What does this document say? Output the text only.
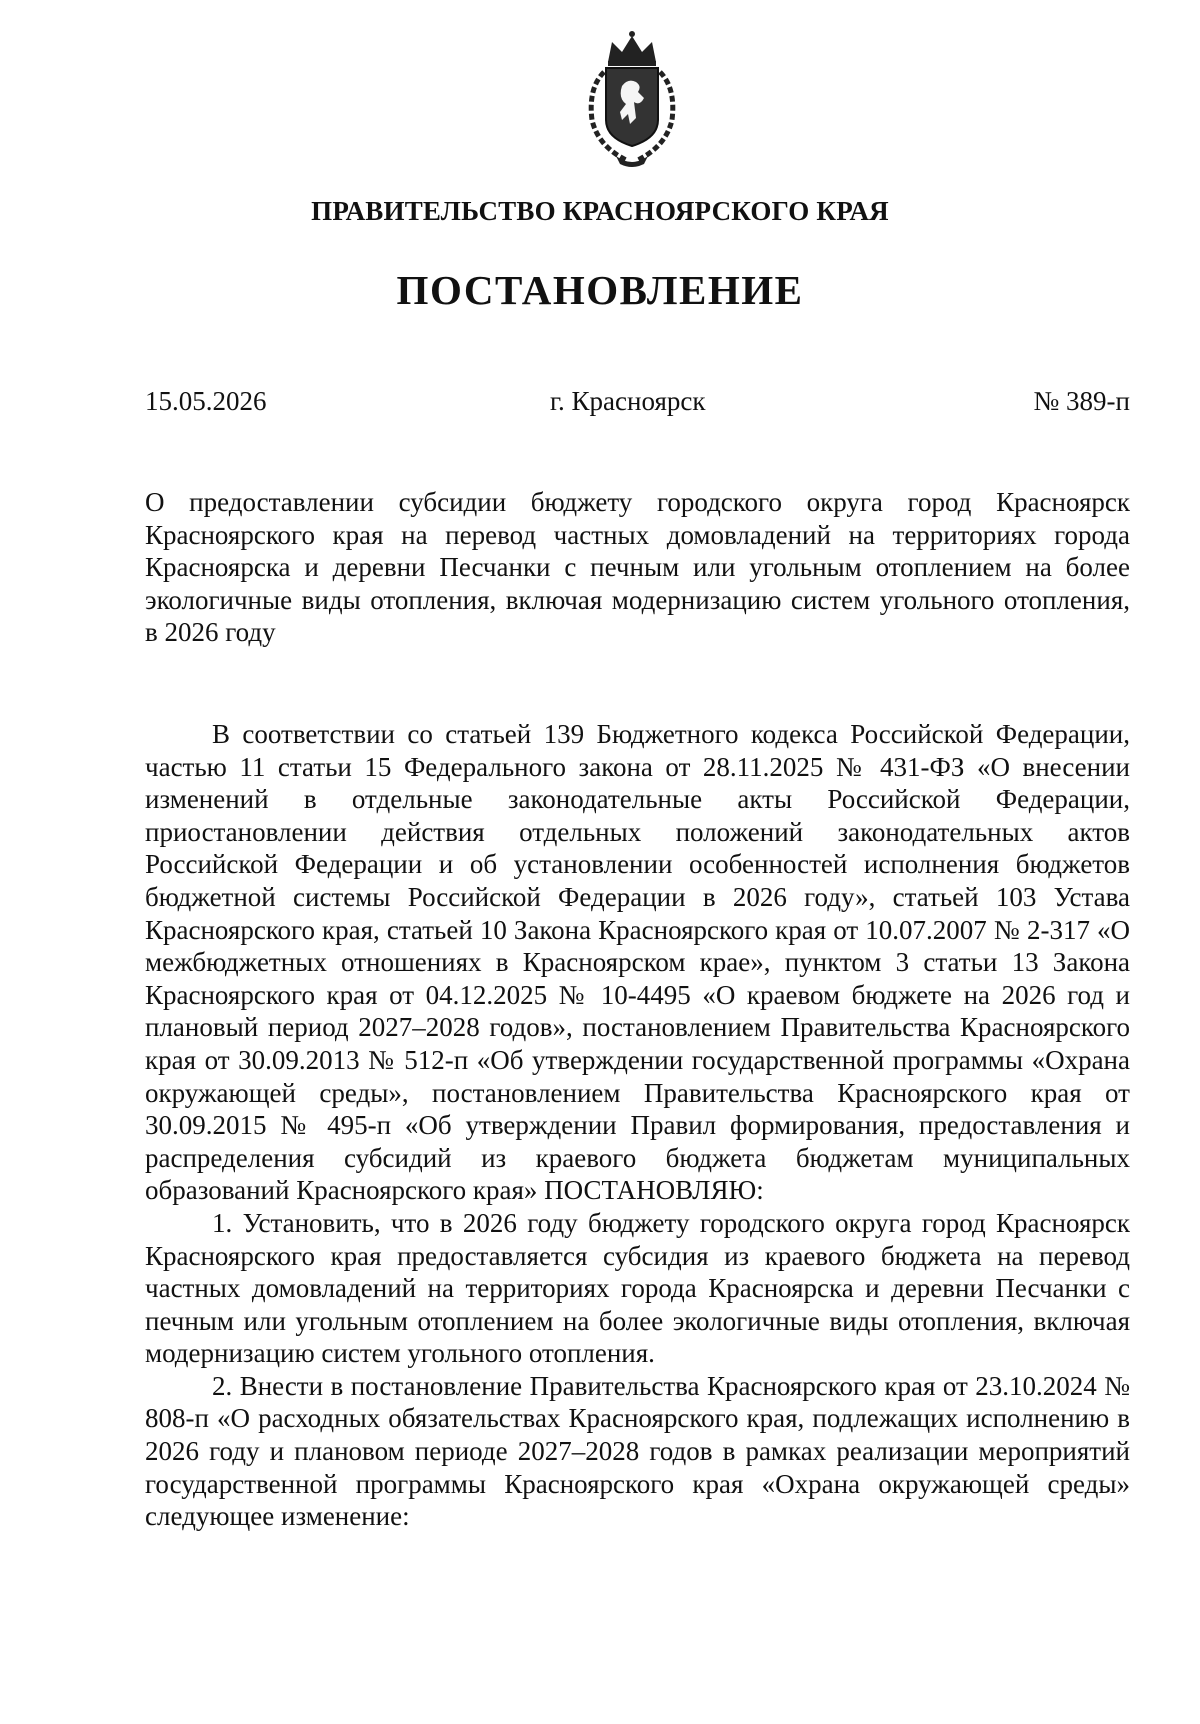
ПРАВИТЕЛЬСТВО КРАСНОЯРСКОГО КРАЯ
ПОСТАНОВЛЕНИЕ
15.05.2026	г. Красноярск	№ 389-п
О предоставлении субсидии бюджету городского округа город Красноярск Красноярского края на перевод частных домовладений на территориях города Красноярска и деревни Песчанки с печным или угольным отоплением на более экологичные виды отопления, включая модернизацию систем угольного отопления, в 2026 году

В соответствии со статьей 139 Бюджетного кодекса Российской Федерации, частью 11 статьи 15 Федерального закона от 28.11.2025 № 431-ФЗ «О внесении изменений в отдельные законодательные акты Российской Федерации, приостановлении действия отдельных положений законодательных актов Российской Федерации и об установлении особенностей исполнения бюджетов бюджетной системы Российской Федерации в 2026 году», статьей 103 Устава Красноярского края, статьей 10 Закона Красноярского края от 10.07.2007 № 2-317 «О межбюджетных отношениях в Красноярском крае», пунктом 3 статьи 13 Закона Красноярского края от 04.12.2025 № 10-4495 «О краевом бюджете на 2026 год и плановый период 2027–2028 годов», постановлением Правительства Красноярского края от 30.09.2013 № 512-п «Об утверждении государственной программы «Охрана окружающей среды», постановлением Правительства Красноярского края от 30.09.2015 № 495-п «Об утверждении Правил формирования, предоставления и распределения субсидий из краевого бюджета бюджетам муниципальных образований Красноярского края» ПОСТАНОВЛЯЮ:

1. Установить, что в 2026 году бюджету городского округа город Красноярск Красноярского края предоставляется субсидия из краевого бюджета на перевод частных домовладений на территориях города Красноярска и деревни Песчанки с печным или угольным отоплением на более экологичные виды отопления, включая модернизацию систем угольного отопления.

2. Внести в постановление Правительства Красноярского края от 23.10.2024 № 808-п «О расходных обязательствах Красноярского края, подлежащих исполнению в 2026 году и плановом периоде 2027–2028 годов в рамках реализации мероприятий государственной программы Красноярского края «Охрана окружающей среды» следующее изменение:
